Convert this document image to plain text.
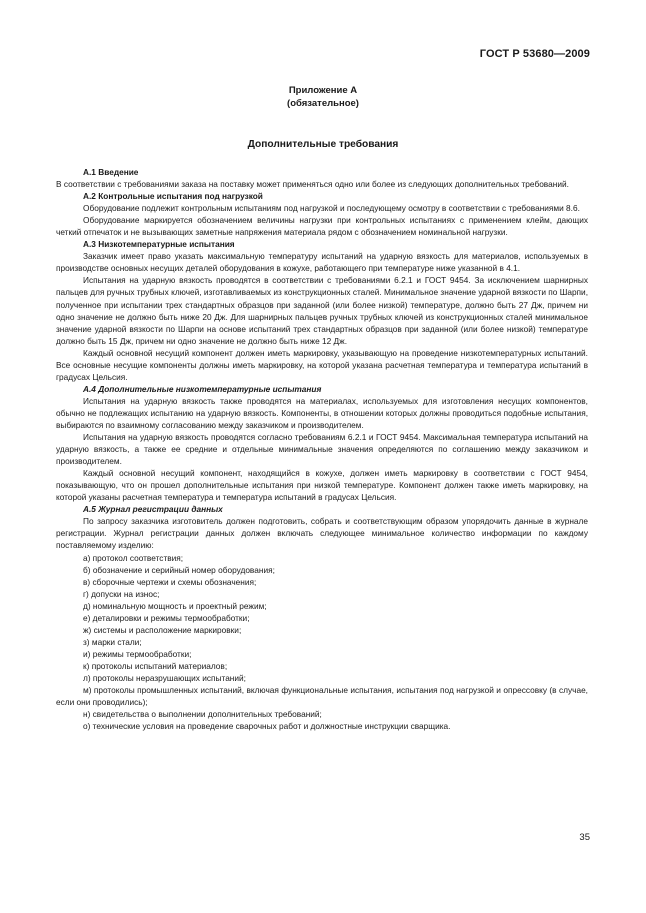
ГОСТ Р 53680—2009
Приложение А
(обязательное)
Дополнительные требования

А.1 Введение

В соответствии с требованиями заказа на поставку может применяться одно или более из следующих дополнительных требований.

А.2 Контрольные испытания под нагрузкой

Оборудование подлежит контрольным испытаниям под нагрузкой и последующему осмотру в соответствии с требованиями 8.6.

Оборудование маркируется обозначением величины нагрузки при контрольных испытаниях с применением клейм, дающих четкий отпечаток и не вызывающих заметные напряжения материала рядом с обозначением номинальной нагрузки.

А.3 Низкотемпературные испытания

Заказчик имеет право указать максимальную температуру испытаний на ударную вязкость для материалов, используемых в производстве основных несущих деталей оборудования в кожухе, работающего при температуре ниже указанной в 4.1.

Испытания на ударную вязкость проводятся в соответствии с требованиями 6.2.1 и ГОСТ 9454. За исключением шарнирных пальцев для ручных трубных ключей, изготавливаемых из конструкционных сталей. Минимальное значение ударной вязкости по Шарпи, полученное при испытании трех стандартных образцов при заданной (или более низкой) температуре, должно быть 27 Дж, причем ни одно значение не должно быть ниже 20 Дж. Для шарнирных пальцев ручных трубных ключей из конструкционных сталей минимальное значение ударной вязкости по Шарпи на основе испытаний трех стандартных образцов при заданной (или более низкой) температуре должно быть 15 Дж, причем ни одно значение не должно быть ниже 12 Дж.

Каждый основной несущий компонент должен иметь маркировку, указывающую на проведение низкотемпературных испытаний. Все основные несущие компоненты должны иметь маркировку, на которой указана расчетная температура и температура испытаний в градусах Цельсия.

А.4 Дополнительные низкотемпературные испытания

Испытания на ударную вязкость также проводятся на материалах, используемых для изготовления несущих компонентов, обычно не подлежащих испытанию на ударную вязкость. Компоненты, в отношении которых должны проводиться подобные испытания, выбираются по взаимному согласованию между заказчиком и производителем.

Испытания на ударную вязкость проводятся согласно требованиям 6.2.1 и ГОСТ 9454. Максимальная температура испытаний на ударную вязкость, а также ее средние и отдельные минимальные значения определяются по соглашению между заказчиком и производителем.

Каждый основной несущий компонент, находящийся в кожухе, должен иметь маркировку в соответствии с ГОСТ 9454, показывающую, что он прошел дополнительные испытания при низкой температуре. Компонент должен также иметь маркировку, на которой указаны расчетная температура и температура испытаний в градусах Цельсия.

А.5 Журнал регистрации данных

По запросу заказчика изготовитель должен подготовить, собрать и соответствующим образом упорядочить данные в журнале регистрации. Журнал регистрации данных должен включать следующее минимальное количество информации по каждому поставляемому изделию:

а) протокол соответствия;

б) обозначение и серийный номер оборудования;

в) сборочные чертежи и схемы обозначения;

г) допуски на износ;

д) номинальную мощность и проектный режим;

е) деталировки и режимы термообработки;

ж) системы и расположение маркировки;

з) марки стали;

и) режимы термообработки;

к) протоколы испытаний материалов;

л) протоколы неразрушающих испытаний;

м) протоколы промышленных испытаний, включая функциональные испытания, испытания под нагрузкой и опрессовку (в случае, если они проводились);

н) свидетельства о выполнении дополнительных требований;

о) технические условия на проведение сварочных работ и должностные инструкции сварщика.

35
